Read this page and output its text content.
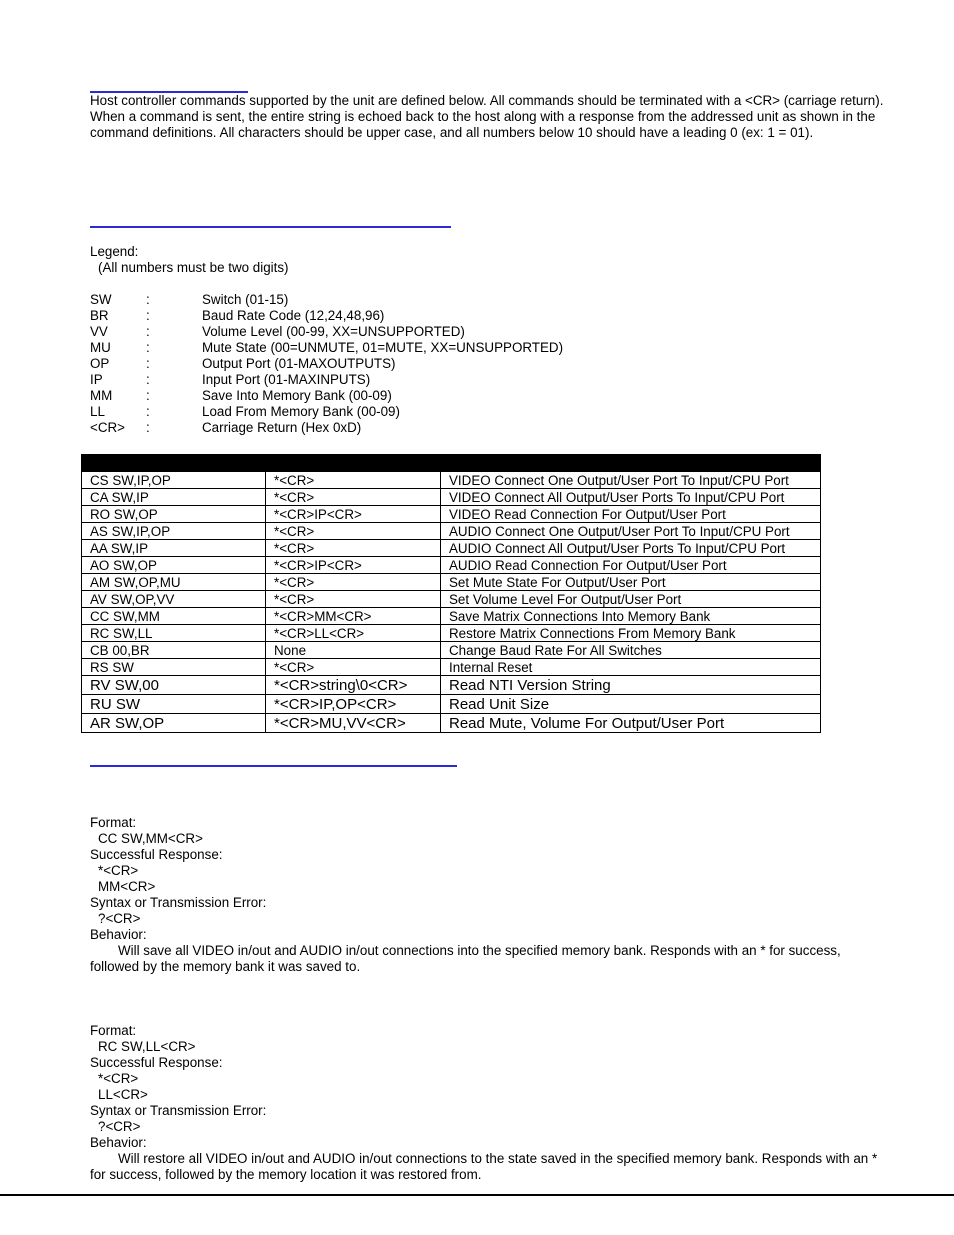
Host controller commands supported by the unit are defined below. All commands should be terminated with a <CR> (carriage return). When a command is sent, the entire string is echoed back to the host along with a response from the addressed unit as shown in the command definitions. All characters should be upper case, and all numbers below 10 should have a leading 0 (ex: 1 = 01).

Legend:
(All numbers must be two digits)
SW	:	Switch (01-15)
BR	:	Baud Rate Code (12,24,48,96)
VV	:	Volume Level (00-99, XX=UNSUPPORTED)
MU	:	Mute State (00=UNMUTE, 01=MUTE, XX=UNSUPPORTED)
OP	:	Output Port (01-MAXOUTPUTS)
IP	:	Input Port (01-MAXINPUTS)
MM	:	Save Into Memory Bank (00-09)
LL	:	Load From Memory Bank (00-09)
<CR> :	Carriage Return (Hex 0xD)

CS SW,IP,OP	*<CR>	VIDEO Connect One Output/User Port To Input/CPU Port
CA SW,IP	*<CR>	VIDEO Connect All Output/User Ports To Input/CPU Port
RO SW,OP	*<CR>IP<CR>	VIDEO Read Connection For Output/User Port
AS SW,IP,OP	*<CR>	AUDIO Connect One Output/User Port To Input/CPU Port
AA SW,IP	*<CR>	AUDIO Connect All Output/User Ports To Input/CPU Port
AO SW,OP	*<CR>IP<CR>	AUDIO Read Connection For Output/User Port
AM SW,OP,MU	*<CR>	Set Mute State For Output/User Port
AV SW,OP,VV	*<CR>	Set Volume Level For Output/User Port
CC SW,MM	*<CR>MM<CR>	Save Matrix Connections Into Memory Bank
RC SW,LL	*<CR>LL<CR>	Restore Matrix Connections From Memory Bank
CB 00,BR	None	Change Baud Rate For All Switches
RS SW	*<CR>	Internal Reset
RV SW,00	*<CR>string\0<CR>	Read NTI Version String
RU SW	*<CR>IP,OP<CR>	Read Unit Size
AR SW,OP	*<CR>MU,VV<CR>	Read Mute, Volume For Output/User Port
Format:
CC SW,MM<CR>
Successful Response:
*<CR>
MM<CR>
Syntax or Transmission Error:
?<CR>
Behavior:

Will save all VIDEO in/out and AUDIO in/out connections into the specified memory bank. Responds with an * for success, followed by the memory bank it was saved to.

Format:
RC SW,LL<CR>
Successful Response:
*<CR>
LL<CR>
Syntax or Transmission Error:
?<CR>
Behavior:

Will restore all VIDEO in/out and AUDIO in/out connections to the state saved in the specified memory bank. Responds with an * for success, followed by the memory location it was restored from.
